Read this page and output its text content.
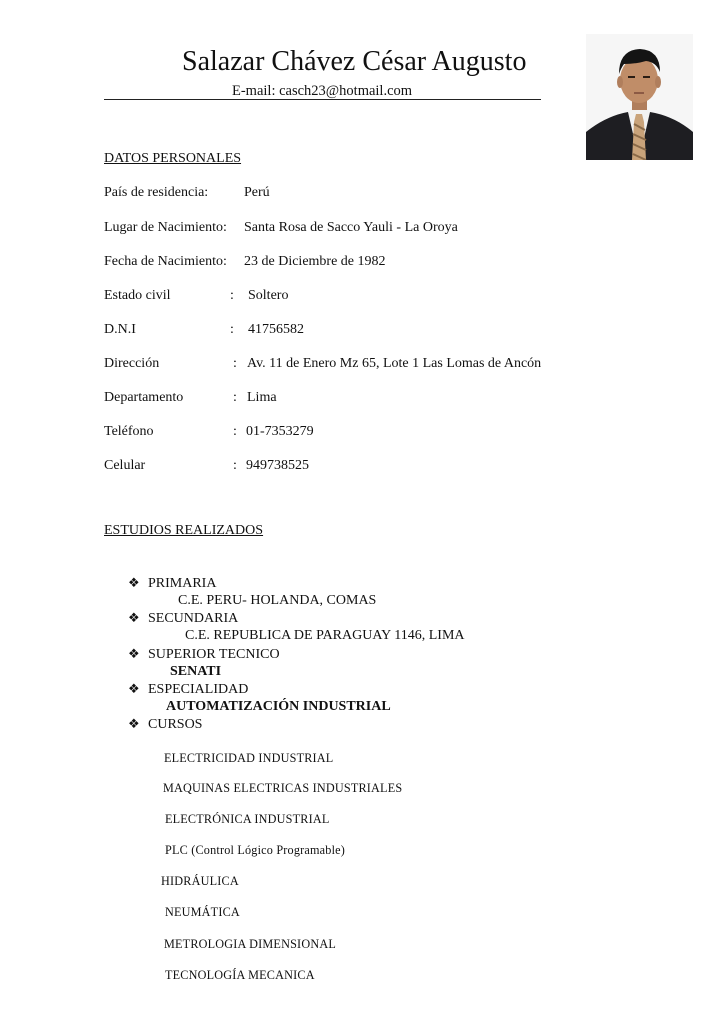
Salazar Chávez César Augusto
E-mail: casch23@hotmail.com
DATOS PERSONALES
País de residencia:	Perú
Lugar de Nacimiento: Santa Rosa de Sacco Yauli - La Oroya
Fecha de Nacimiento: 23 de Diciembre de 1982
Estado civil	: Soltero
D.N.I	: 41756582
Dirección	: Av. 11 de Enero Mz 65, Lote 1 Las Lomas de Ancón
Departamento	: Lima
Teléfono	: 01-7353279
Celular	: 949738525
ESTUDIOS REALIZADOS
❖ PRIMARIA
C.E. PERU- HOLANDA, COMAS
❖ SECUNDARIA
C.E. REPUBLICA DE PARAGUAY 1146, LIMA
❖ SUPERIOR TECNICO
SENATI
❖ ESPECIALIDAD
AUTOMATIZACIÓN INDUSTRIAL
❖ CURSOS
ELECTRICIDAD INDUSTRIAL
MAQUINAS ELECTRICAS INDUSTRIALES
ELECTRÓNICA INDUSTRIAL
PLC (Control Lógico Programable)
HIDRÁULICA
NEUMÁTICA
METROLOGIA DIMENSIONAL
TECNOLOGÍA MECANICA
